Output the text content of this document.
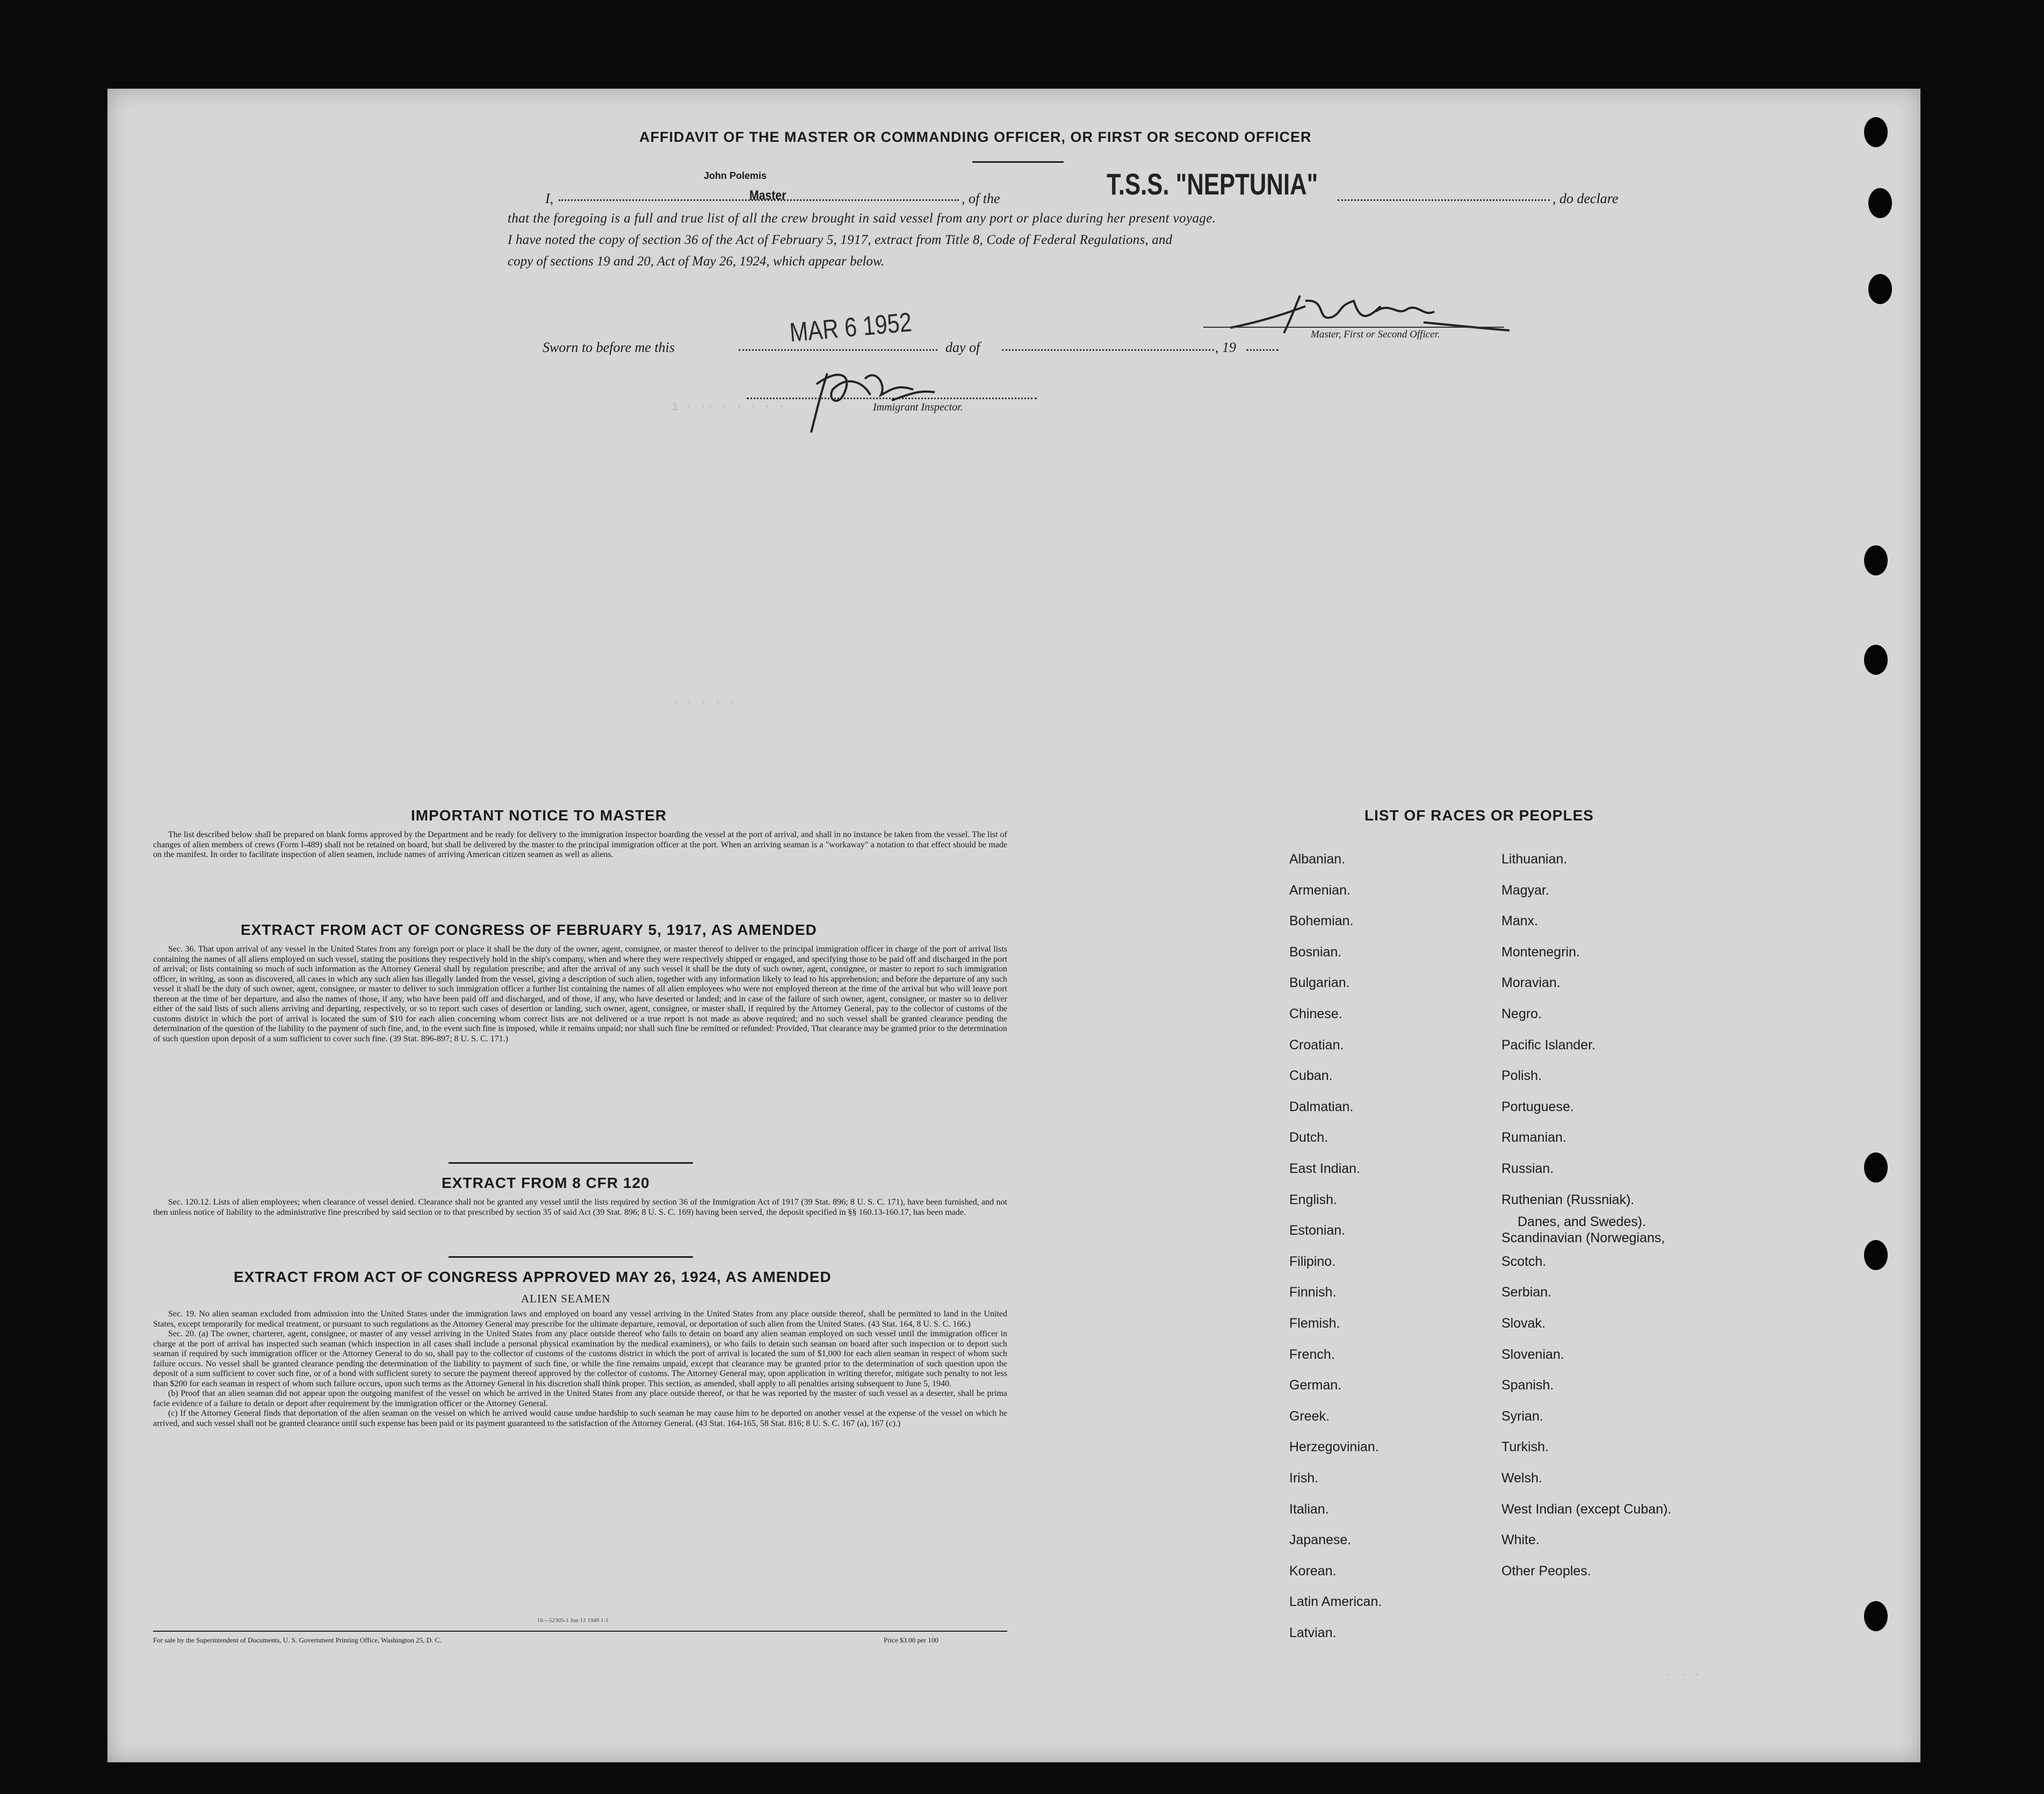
1 · ·· · · · · ·
· · · · ·
AFFIDAVIT OF THE MASTER OR COMMANDING OFFICER, OR FIRST OR SECOND OFFICER
John Polemis
Master	T.S.S. "NEPTUNIA"
I,	, of the	, do declare
that the foregoing is a full and true list of all the crew brought in said vessel from any port or place during her present voyage.
I have noted the copy of section 36 of the Act of February 5, 1917, extract from Title 8, Code of Federal Regulations, and
copy of sections 19 and 20, Act of May 26, 1924, which appear below.
Master, First or Second Officer.
Sworn to before me this	MAR 6 1952 day of	, 19
Immigrant Inspector.
IMPORTANT NOTICE TO MASTER

The list described below shall be prepared on blank forms approved by the Department and be ready for delivery to the immigration inspector boarding the vessel at the port of arrival, and shall in no instance be taken from the vessel. The list of changes of alien members of crews (Form I-489) shall not be retained on board, but shall be delivered by the master to the principal immigration officer at the port. When an arriving seaman is a "workaway" a notation to that effect should be made on the manifest. In order to facilitate inspection of alien seamen, include names of arriving American citizen seamen as well as aliens.

EXTRACT FROM ACT OF CONGRESS OF FEBRUARY 5, 1917, AS AMENDED

Sec. 36. That upon arrival of any vessel in the United States from any foreign port or place it shall be the duty of the owner, agent, consignee, or master thereof to deliver to the principal immigration officer in charge of the port of arrival lists containing the names of all aliens employed on such vessel, stating the positions they respectively hold in the ship's company, when and where they were respectively shipped or engaged, and specifying those to be paid off and discharged in the port of arrival; or lists containing so much of such information as the Attorney General shall by regulation prescribe; and after the arrival of any such vessel it shall be the duty of such owner, agent, consignee, or master to report to such immigration officer, in writing, as soon as discovered, all cases in which any such alien has illegally landed from the vessel, giving a description of such alien, together with any information likely to lead to his apprehension; and before the departure of any such vessel it shall be the duty of such owner, agent, consignee, or master to deliver to such immigration officer a further list containing the names of all alien employees who were not employed thereon at the time of the arrival but who will leave port thereon at the time of her departure, and also the names of those, if any, who have been paid off and discharged, and of those, if any, who have deserted or landed; and in case of the failure of such owner, agent, consignee, or master so to deliver either of the said lists of such aliens arriving and departing, respectively, or so to report such cases of desertion or landing, such owner, agent, consignee, or master shall, if required by the Attorney General, pay to the collector of customs of the customs district in which the port of arrival is located the sum of $10 for each alien concerning whom correct lists are not delivered or a true report is not made as above required; and no such vessel shall be granted clearance pending the determination of the question of the liability to the payment of such fine, and, in the event such fine is imposed, while it remains unpaid; nor shall such fine be remitted or refunded: Provided, That clearance may be granted prior to the determination of such question upon deposit of a sum sufficient to cover such fine. (39 Stat. 896-897; 8 U. S. C. 171.)

EXTRACT FROM 8 CFR 120

Sec. 120.12. Lists of alien employees; when clearance of vessel denied. Clearance shall not be granted any vessel until the lists required by section 36 of the Immigration Act of 1917 (39 Stat. 896; 8 U. S. C. 171), have been furnished, and not then unless notice of liability to the administrative fine prescribed by said section or to that prescribed by section 35 of said Act (39 Stat. 896; 8 U. S. C. 169) having been served, the deposit specified in §§ 160.13-160.17, has been made.

EXTRACT FROM ACT OF CONGRESS APPROVED MAY 26, 1924, AS AMENDED
ALIEN SEAMEN

Sec. 19. No alien seaman excluded from admission into the United States under the immigration laws and employed on board any vessel arriving in the United States from any place outside thereof, shall be permitted to land in the United States, except temporarily for medical treatment, or pursuant to such regulations as the Attorney General may prescribe for the ultimate departure, removal, or deportation of such alien from the United States. (43 Stat. 164, 8 U. S. C. 166.)

Sec. 20. (a) The owner, charterer, agent, consignee, or master of any vessel arriving in the United States from any place outside thereof who fails to detain on board any alien seaman employed on such vessel until the immigration officer in charge at the port of arrival has inspected such seaman (which inspection in all cases shall include a personal physical examination by the medical examiners), or who fails to detain such seaman on board after such inspection or to deport such seaman if required by such immigration officer or the Attorney General to do so, shall pay to the collector of customs of the customs district in which the port of arrival is located the sum of $1,000 for each alien seaman in respect of whom such failure occurs. No vessel shall be granted clearance pending the determination of the liability to payment of such fine, or while the fine remains unpaid, except that clearance may be granted prior to the determination of such question upon the deposit of a sum sufficient to cover such fine, or of a bond with sufficient surety to secure the payment thereof approved by the collector of customs. The Attorney General may, upon application in writing therefor, mitigate such penalty to not less than $200 for each seaman in respect of whom such failure occurs, upon such terms as the Attorney General in his discretion shall think proper. This section, as amended, shall apply to all penalties arising subsequent to June 5, 1940.

(b) Proof that an alien seaman did not appear upon the outgoing manifest of the vessel on which he arrived in the United States from any place outside thereof, or that he was reported by the master of such vessel as a deserter, shall be prima facie evidence of a failure to detain or deport after requirement by the immigration officer or the Attorney General.

(c) If the Attorney General finds that deportation of the alien seaman on the vessel on which he arrived would cause undue hardship to such seaman he may cause him to be deported on another vessel at the expense of the vessel on which he arrived, and such vessel shall not be granted clearance until such expense has been paid or its payment guaranteed to the satisfaction of the Attorney General. (43 Stat. 164-165, 58 Stat. 816; 8 U. S. C. 167 (a), 167 (c).)

16—52305-1 Jun 13 1949 1-1
For sale by the Superintendent of Documents, U. S. Government Printing Office, Washington 25, D. C.	Price $3.00 per 100
LIST OF RACES OR PEOPLES
Albanian.
Armenian.
Bohemian.
Bosnian.
Bulgarian.
Chinese.
Croatian.
Cuban.
Dalmatian.
Dutch.
East Indian.
English.
Estonian.
Filipino.
Finnish.
Flemish.
French.
German.
Greek.
Herzegovinian.
Irish.
Italian.
Japanese.
Korean.
Latin American.
Latvian.
Lithuanian.
Magyar.
Manx.
Montenegrin.
Moravian.
Negro.
Pacific Islander.
Polish.
Portuguese.
Rumanian.
Russian.
Ruthenian (Russniak).
Scandinavian (Norwegians,
Danes, and Swedes).
Scotch.
Serbian.
Slovak.
Slovenian.
Spanish.
Syrian.
Turkish.
Welsh.
West Indian (except Cuban).
White.
Other Peoples.
· · ·
